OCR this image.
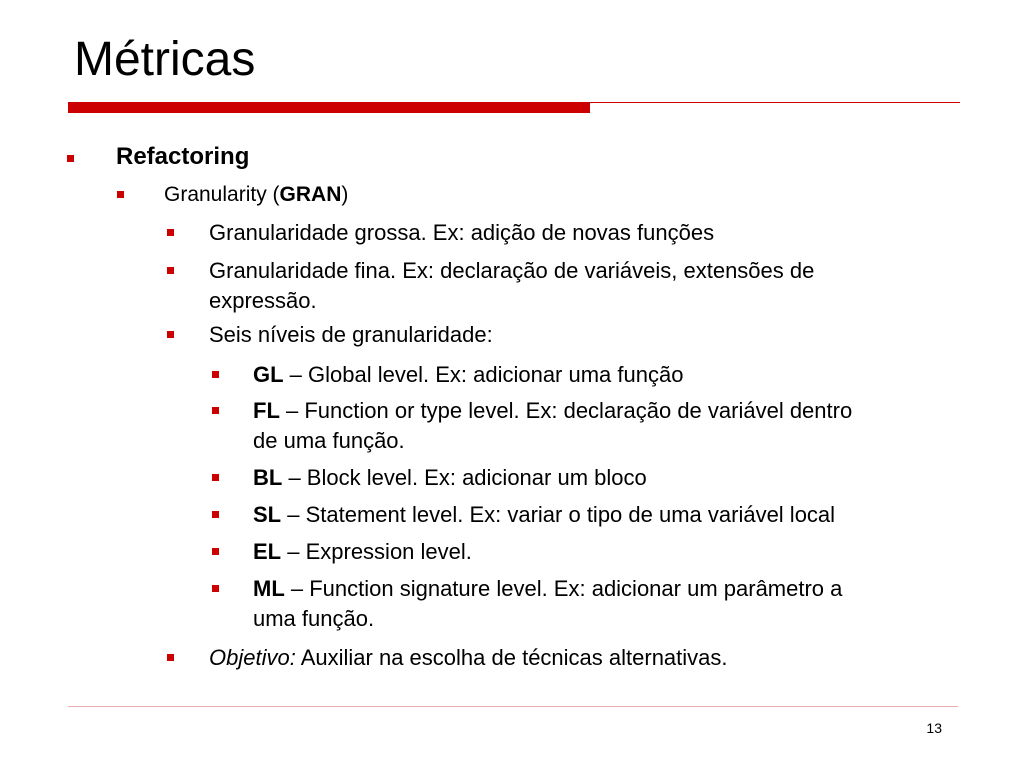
Métricas
Refactoring
Granularity (GRAN)
Granularidade grossa. Ex: adição de novas funções
Granularidade fina. Ex: declaração de variáveis, extensões de
expressão.
Seis níveis de granularidade:
GL – Global level. Ex: adicionar uma função
FL – Function or type level. Ex: declaração de variável dentro
de uma função.
BL – Block level. Ex: adicionar um bloco
SL – Statement level. Ex: variar o tipo de uma variável local
EL – Expression level.
ML – Function signature level. Ex: adicionar um parâmetro a
uma função.
Objetivo: Auxiliar na escolha de técnicas alternativas.
13
